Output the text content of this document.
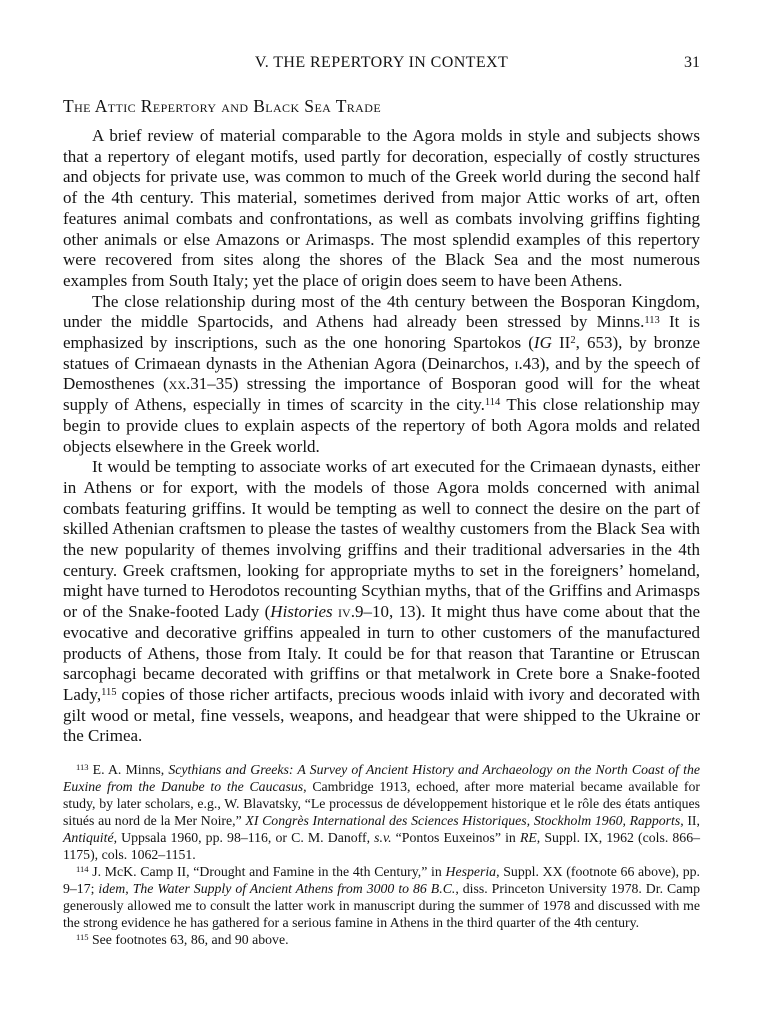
V. THE REPERTORY IN CONTEXT	31
The Attic Repertory and Black Sea Trade

A brief review of material comparable to the Agora molds in style and subjects shows that a repertory of elegant motifs, used partly for decoration, especially of costly structures and objects for private use, was common to much of the Greek world during the second half of the 4th century. This material, sometimes derived from major Attic works of art, often features animal combats and confrontations, as well as combats involving griffins fighting other animals or else Amazons or Arimasps. The most splendid examples of this repertory were recovered from sites along the shores of the Black Sea and the most numerous examples from South Italy; yet the place of origin does seem to have been Athens.

The close relationship during most of the 4th century between the Bosporan Kingdom, under the middle Spartocids, and Athens had already been stressed by Minns.$^{113}$ It is emphasized by inscriptions, such as the one honoring Spartokos (IG $II^2$, 653), by bronze statues of Crimaean dynasts in the Athenian Agora (Deinarchos, i.43), and by the speech of Demosthenes (xx.31–35) stressing the importance of Bosporan good will for the wheat supply of Athens, especially in times of scarcity in the city.$^{114}$ This close relationship may begin to provide clues to explain aspects of the repertory of both Agora molds and related objects elsewhere in the Greek world.

It would be tempting to associate works of art executed for the Crimaean dynasts, either in Athens or for export, with the models of those Agora molds concerned with animal combats featuring griffins. It would be tempting as well to connect the desire on the part of skilled Athenian craftsmen to please the tastes of wealthy customers from the Black Sea with the new popularity of themes involving griffins and their traditional adversaries in the 4th century. Greek craftsmen, looking for appropriate myths to set in the foreigners’ homeland, might have turned to Herodotos recounting Scythian myths, that of the Griffins and Arimasps or of the Snake-footed Lady (Histories iv.9–10, 13). It might thus have come about that the evocative and decorative griffins appealed in turn to other customers of the manufactured products of Athens, those from Italy. It could be for that reason that Tarantine or Etruscan sarcophagi became decorated with griffins or that metalwork in Crete bore a Snake-footed Lady,$^{115}$ copies of those richer artifacts, precious woods inlaid with ivory and decorated with gilt wood or metal, fine vessels, weapons, and headgear that were shipped to the Ukraine or the Crimea.

$^{113}$ E. A. Minns, Scythians and Greeks: A Survey of Ancient History and Archaeology on the North Coast of the Euxine from the Danube to the Caucasus, Cambridge 1913, echoed, after more material became available for study, by later scholars, e.g., W. Blavatsky, “Le processus de développement historique et le rôle des états antiques situés au nord de la Mer Noire,” XI Congrès International des Sciences Historiques, Stockholm 1960, Rapports, II, Antiquité, Uppsala 1960, pp. 98–116, or C. M. Danoff, s.v. “Pontos Euxeinos” in RE, Suppl. IX, 1962 (cols. 866–1175), cols. 1062–1151.

$^{114}$ J. McK. Camp II, “Drought and Famine in the 4th Century,” in Hesperia, Suppl. XX (footnote 66 above), pp. 9–17; idem, The Water Supply of Ancient Athens from 3000 to 86 B.C., diss. Princeton University 1978. Dr. Camp generously allowed me to consult the latter work in manuscript during the summer of 1978 and discussed with me the strong evidence he has gathered for a serious famine in Athens in the third quarter of the 4th century.

$^{115}$ See footnotes 63, 86, and 90 above.
